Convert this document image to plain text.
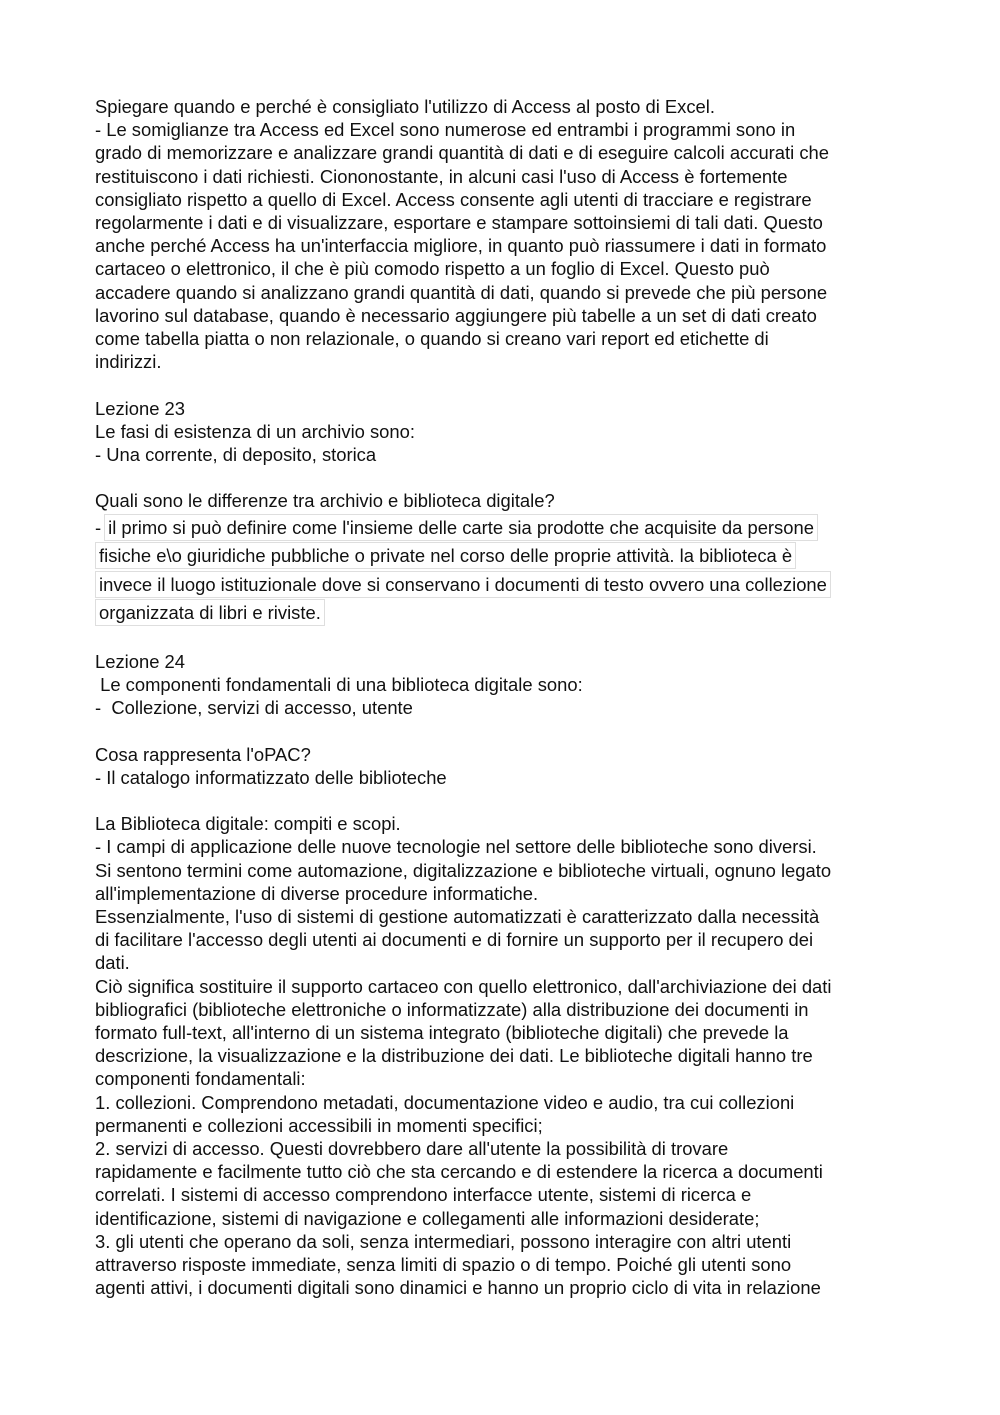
Spiegare quando e perché è consigliato l'utilizzo di Access al posto di Excel.
- Le somiglianze tra Access ed Excel sono numerose ed entrambi i programmi sono in
grado di memorizzare e analizzare grandi quantità di dati e di eseguire calcoli accurati che
restituiscono i dati richiesti. Ciononostante, in alcuni casi l'uso di Access è fortemente
consigliato rispetto a quello di Excel. Access consente agli utenti di tracciare e registrare
regolarmente i dati e di visualizzare, esportare e stampare sottoinsiemi di tali dati. Questo
anche perché Access ha un'interfaccia migliore, in quanto può riassumere i dati in formato
cartaceo o elettronico, il che è più comodo rispetto a un foglio di Excel. Questo può
accadere quando si analizzano grandi quantità di dati, quando si prevede che più persone
lavorino sul database, quando è necessario aggiungere più tabelle a un set di dati creato
come tabella piatta o non relazionale, o quando si creano vari report ed etichette di
indirizzi.
Lezione 23
Le fasi di esistenza di un archivio sono:
- Una corrente, di deposito, storica
Quali sono le differenze tra archivio e biblioteca digitale?
- il primo si può definire come l'insieme delle carte sia prodotte che acquisite da persone
fisiche e\o giuridiche pubbliche o private nel corso delle proprie attività. la biblioteca è
invece il luogo istituzionale dove si conservano i documenti di testo ovvero una collezione
organizzata di libri e riviste.
Lezione 24
Le componenti fondamentali di una biblioteca digitale sono:
-  Collezione, servizi di accesso, utente
Cosa rappresenta l'oPAC?
- Il catalogo informatizzato delle biblioteche
La Biblioteca digitale: compiti e scopi.
- I campi di applicazione delle nuove tecnologie nel settore delle biblioteche sono diversi.
Si sentono termini come automazione, digitalizzazione e biblioteche virtuali, ognuno legato
all'implementazione di diverse procedure informatiche.
Essenzialmente, l'uso di sistemi di gestione automatizzati è caratterizzato dalla necessità
di facilitare l'accesso degli utenti ai documenti e di fornire un supporto per il recupero dei
dati.
Ciò significa sostituire il supporto cartaceo con quello elettronico, dall'archiviazione dei dati
bibliografici (biblioteche elettroniche o informatizzate) alla distribuzione dei documenti in
formato full-text, all'interno di un sistema integrato (biblioteche digitali) che prevede la
descrizione, la visualizzazione e la distribuzione dei dati. Le biblioteche digitali hanno tre
componenti fondamentali:
1. collezioni. Comprendono metadati, documentazione video e audio, tra cui collezioni
permanenti e collezioni accessibili in momenti specifici;
2. servizi di accesso. Questi dovrebbero dare all'utente la possibilità di trovare
rapidamente e facilmente tutto ciò che sta cercando e di estendere la ricerca a documenti
correlati. I sistemi di accesso comprendono interfacce utente, sistemi di ricerca e
identificazione, sistemi di navigazione e collegamenti alle informazioni desiderate;
3. gli utenti che operano da soli, senza intermediari, possono interagire con altri utenti
attraverso risposte immediate, senza limiti di spazio o di tempo. Poiché gli utenti sono
agenti attivi, i documenti digitali sono dinamici e hanno un proprio ciclo di vita in relazione
